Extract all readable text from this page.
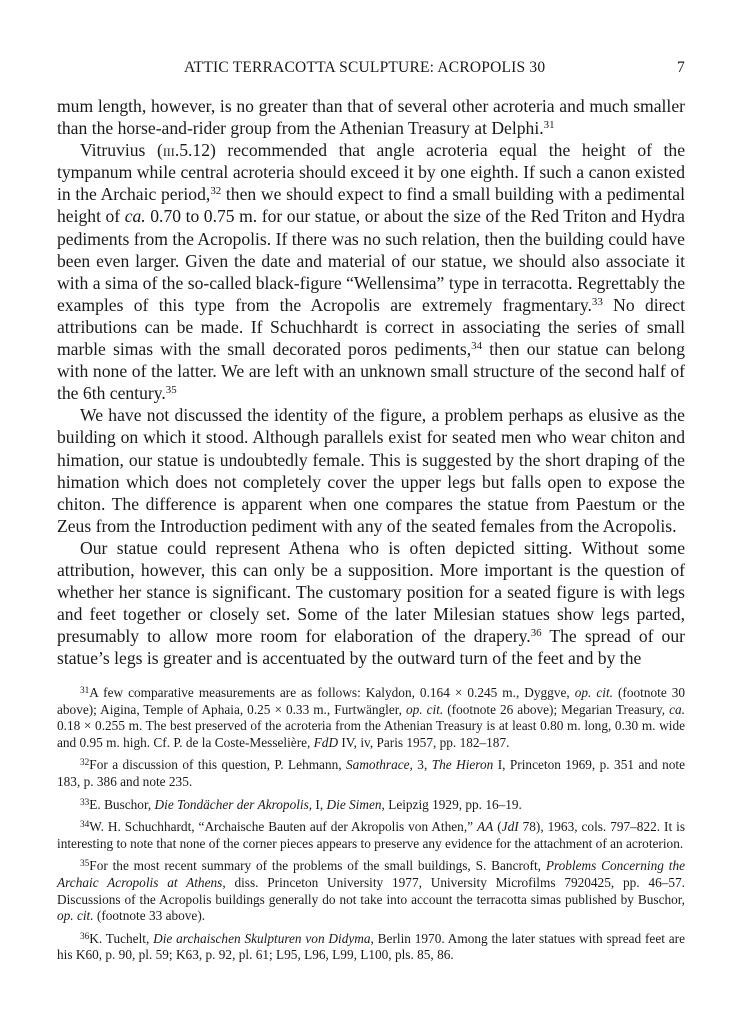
ATTIC TERRACOTTA SCULPTURE: ACROPOLIS 30	7

mum length, however, is no greater than that of several other acroteria and much smaller than the horse-and-rider group from the Athenian Treasury at Delphi.$^{31}$

Vitruvius (iii.5.12) recommended that angle acroteria equal the height of the tympanum while central acroteria should exceed it by one eighth. If such a canon existed in the Archaic period,$^{32}$ then we should expect to find a small building with a pedimental height of ca. 0.70 to 0.75 m. for our statue, or about the size of the Red Triton and Hydra pediments from the Acropolis. If there was no such relation, then the building could have been even larger. Given the date and material of our statue, we should also associate it with a sima of the so-called black-figure “Wellensima” type in terracotta. Regrettably the examples of this type from the Acropolis are extremely fragmentary.$^{33}$ No direct attributions can be made. If Schuchhardt is correct in associating the series of small marble simas with the small decorated poros pediments,$^{34}$ then our statue can belong with none of the latter. We are left with an unknown small structure of the second half of the 6th century.$^{35}$

We have not discussed the identity of the figure, a problem perhaps as elusive as the building on which it stood. Although parallels exist for seated men who wear chiton and himation, our statue is undoubtedly female. This is suggested by the short draping of the himation which does not completely cover the upper legs but falls open to expose the chiton. The difference is apparent when one compares the statue from Paestum or the Zeus from the Introduction pediment with any of the seated females from the Acropolis.

Our statue could represent Athena who is often depicted sitting. Without some attribution, however, this can only be a supposition. More important is the question of whether her stance is significant. The customary position for a seated figure is with legs and feet together or closely set. Some of the later Milesian statues show legs parted, presumably to allow more room for elaboration of the drapery.$^{36}$ The spread of our statue’s legs is greater and is accentuated by the outward turn of the feet and by the

$^{31}$A few comparative measurements are as follows: Kalydon, 0.164 × 0.245 m., Dyggve, op. cit. (footnote 30 above); Aigina, Temple of Aphaia, 0.25 × 0.33 m., Furtwängler, op. cit. (footnote 26 above); Megarian Treasury, ca. 0.18 × 0.255 m. The best preserved of the acroteria from the Athenian Treasury is at least 0.80 m. long, 0.30 m. wide and 0.95 m. high. Cf. P. de la Coste-Messelière, FdD IV, iv, Paris 1957, pp. 182–187.

$^{32}$For a discussion of this question, P. Lehmann, Samothrace, 3, The Hieron I, Princeton 1969, p. 351 and note 183, p. 386 and note 235.

$^{33}$E. Buschor, Die Tondächer der Akropolis, I, Die Simen, Leipzig 1929, pp. 16–19.

$^{34}$W. H. Schuchhardt, “Archaische Bauten auf der Akropolis von Athen,” AA (JdI 78), 1963, cols. 797–822. It is interesting to note that none of the corner pieces appears to preserve any evidence for the attachment of an acroterion.

$^{35}$For the most recent summary of the problems of the small buildings, S. Bancroft, Problems Concerning the Archaic Acropolis at Athens, diss. Princeton University 1977, University Microfilms 7920425, pp. 46–57. Discussions of the Acropolis buildings generally do not take into account the terracotta simas published by Buschor, op. cit. (footnote 33 above).

$^{36}$K. Tuchelt, Die archaischen Skulpturen von Didyma, Berlin 1970. Among the later statues with spread feet are his K60, p. 90, pl. 59; K63, p. 92, pl. 61; L95, L96, L99, L100, pls. 85, 86.
